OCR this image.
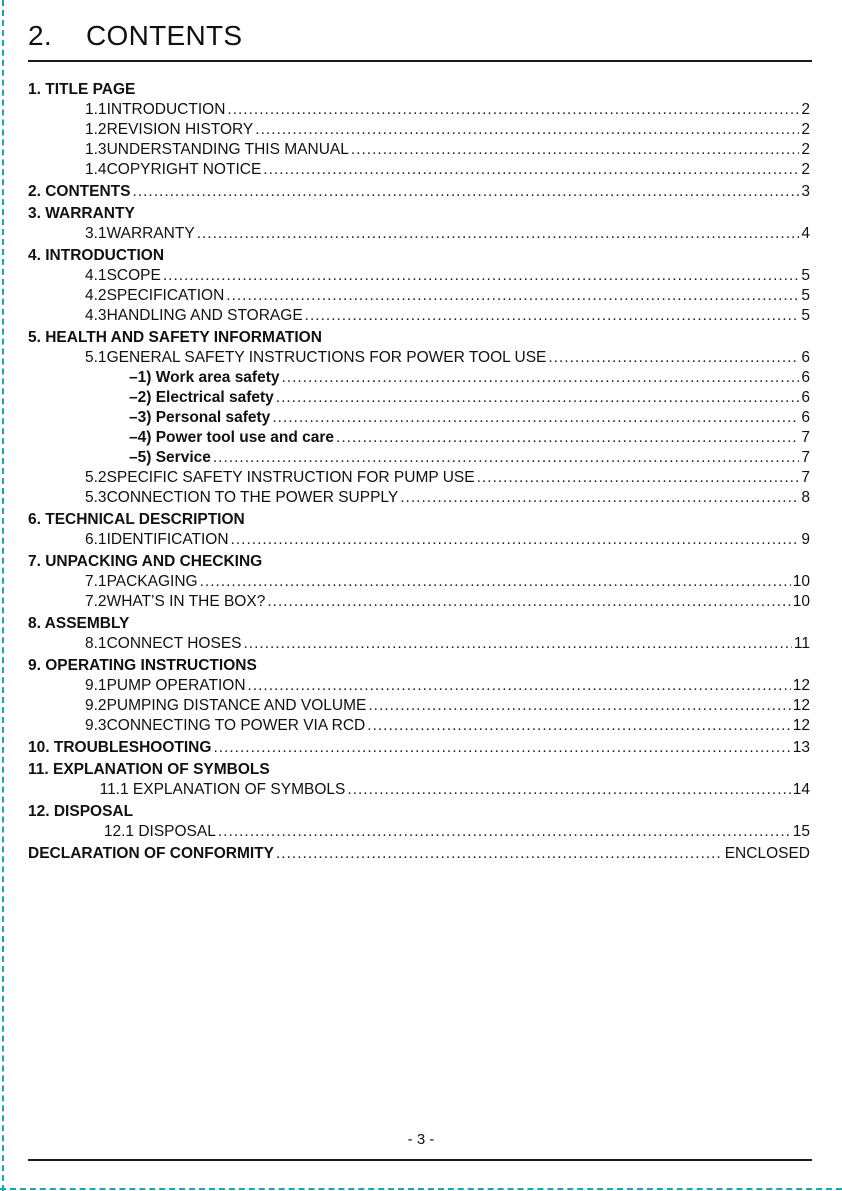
2. CONTENTS
1. TITLE PAGE
1.1 INTRODUCTION .....	2
1.2 REVISION HISTORY .....	2
1.3 UNDERSTANDING THIS MANUAL .....	2
1.4 COPYRIGHT NOTICE .....	2
2. CONTENTS .....	3
3. WARRANTY
3.1 WARRANTY .....	4
4. INTRODUCTION
4.1 SCOPE .....	5
4.2 SPECIFICATION .....	5
4.3 HANDLING AND STORAGE .....	5
5. HEALTH AND SAFETY INFORMATION
5.1 GENERAL SAFETY INSTRUCTIONS FOR POWER TOOL USE .....	6
– 1) Work area safety .....	6
– 2) Electrical safety .....	6
– 3) Personal safety .....	6
– 4) Power tool use and care .....	7
– 5) Service .....	7
5.2 SPECIFIC SAFETY INSTRUCTION FOR PUMP USE .....	7
5.3 CONNECTION TO THE POWER SUPPLY .....	8
6. TECHNICAL DESCRIPTION
6.1 IDENTIFICATION .....	9
7. UNPACKING AND CHECKING
7.1 PACKAGING .....	10
7.2 WHAT’S IN THE BOX? .....	10
8. ASSEMBLY
8.1 CONNECT HOSES .....	11
9. OPERATING INSTRUCTIONS
9.1 PUMP OPERATION .....	12
9.2 PUMPING DISTANCE AND VOLUME .....	12
9.3 CONNECTING TO POWER VIA RCD .....	12
10. TROUBLESHOOTING .....	13
11. EXPLANATION OF SYMBOLS
11.1 EXPLANATION OF SYMBOLS .....	14
12. DISPOSAL
12.1 DISPOSAL .....	15
DECLARATION OF CONFORMITY .....	ENCLOSED
- 3 -
